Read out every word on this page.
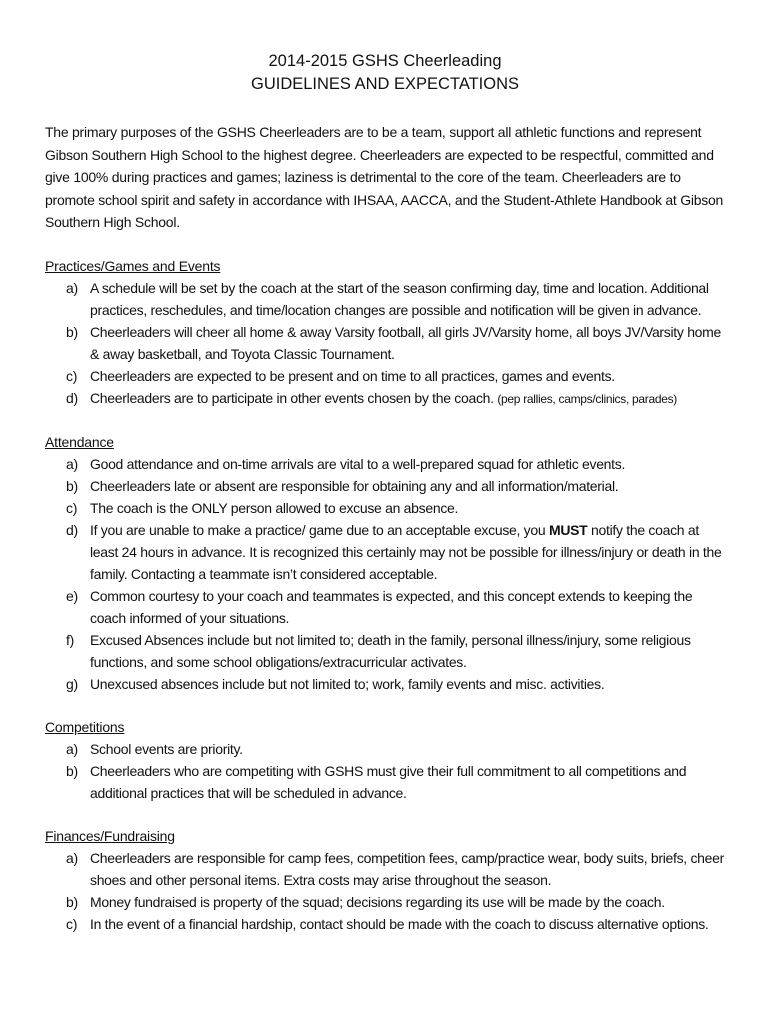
2014-2015 GSHS Cheerleading
GUIDELINES AND EXPECTATIONS
The primary purposes of the GSHS Cheerleaders are to be a team, support all athletic functions and represent Gibson Southern High School to the highest degree. Cheerleaders are expected to be respectful, committed and give 100% during practices and games; laziness is detrimental to the core of the team. Cheerleaders are to promote school spirit and safety in accordance with IHSAA, AACCA, and the Student-Athlete Handbook at Gibson Southern High School.
Practices/Games and Events
a) A schedule will be set by the coach at the start of the season confirming day, time and location. Additional practices, reschedules, and time/location changes are possible and notification will be given in advance.
b) Cheerleaders will cheer all home & away Varsity football, all girls JV/Varsity home, all boys JV/Varsity home & away basketball, and Toyota Classic Tournament.
c) Cheerleaders are expected to be present and on time to all practices, games and events.
d) Cheerleaders are to participate in other events chosen by the coach. (pep rallies, camps/clinics, parades)
Attendance
a) Good attendance and on-time arrivals are vital to a well-prepared squad for athletic events.
b) Cheerleaders late or absent are responsible for obtaining any and all information/material.
c) The coach is the ONLY person allowed to excuse an absence.
d) If you are unable to make a practice/ game due to an acceptable excuse, you MUST notify the coach at least 24 hours in advance. It is recognized this certainly may not be possible for illness/injury or death in the family. Contacting a teammate isn’t considered acceptable.
e) Common courtesy to your coach and teammates is expected, and this concept extends to keeping the coach informed of your situations.
f) Excused Absences include but not limited to; death in the family, personal illness/injury, some religious functions, and some school obligations/extracurricular activates.
g) Unexcused absences include but not limited to; work, family events and misc. activities.
Competitions
a) School events are priority.
b) Cheerleaders who are competiting with GSHS must give their full commitment to all competitions and additional practices that will be scheduled in advance.
Finances/Fundraising
a) Cheerleaders are responsible for camp fees, competition fees, camp/practice wear, body suits, briefs, cheer shoes and other personal items. Extra costs may arise throughout the season.
b) Money fundraised is property of the squad; decisions regarding its use will be made by the coach.
c) In the event of a financial hardship, contact should be made with the coach to discuss alternative options.
